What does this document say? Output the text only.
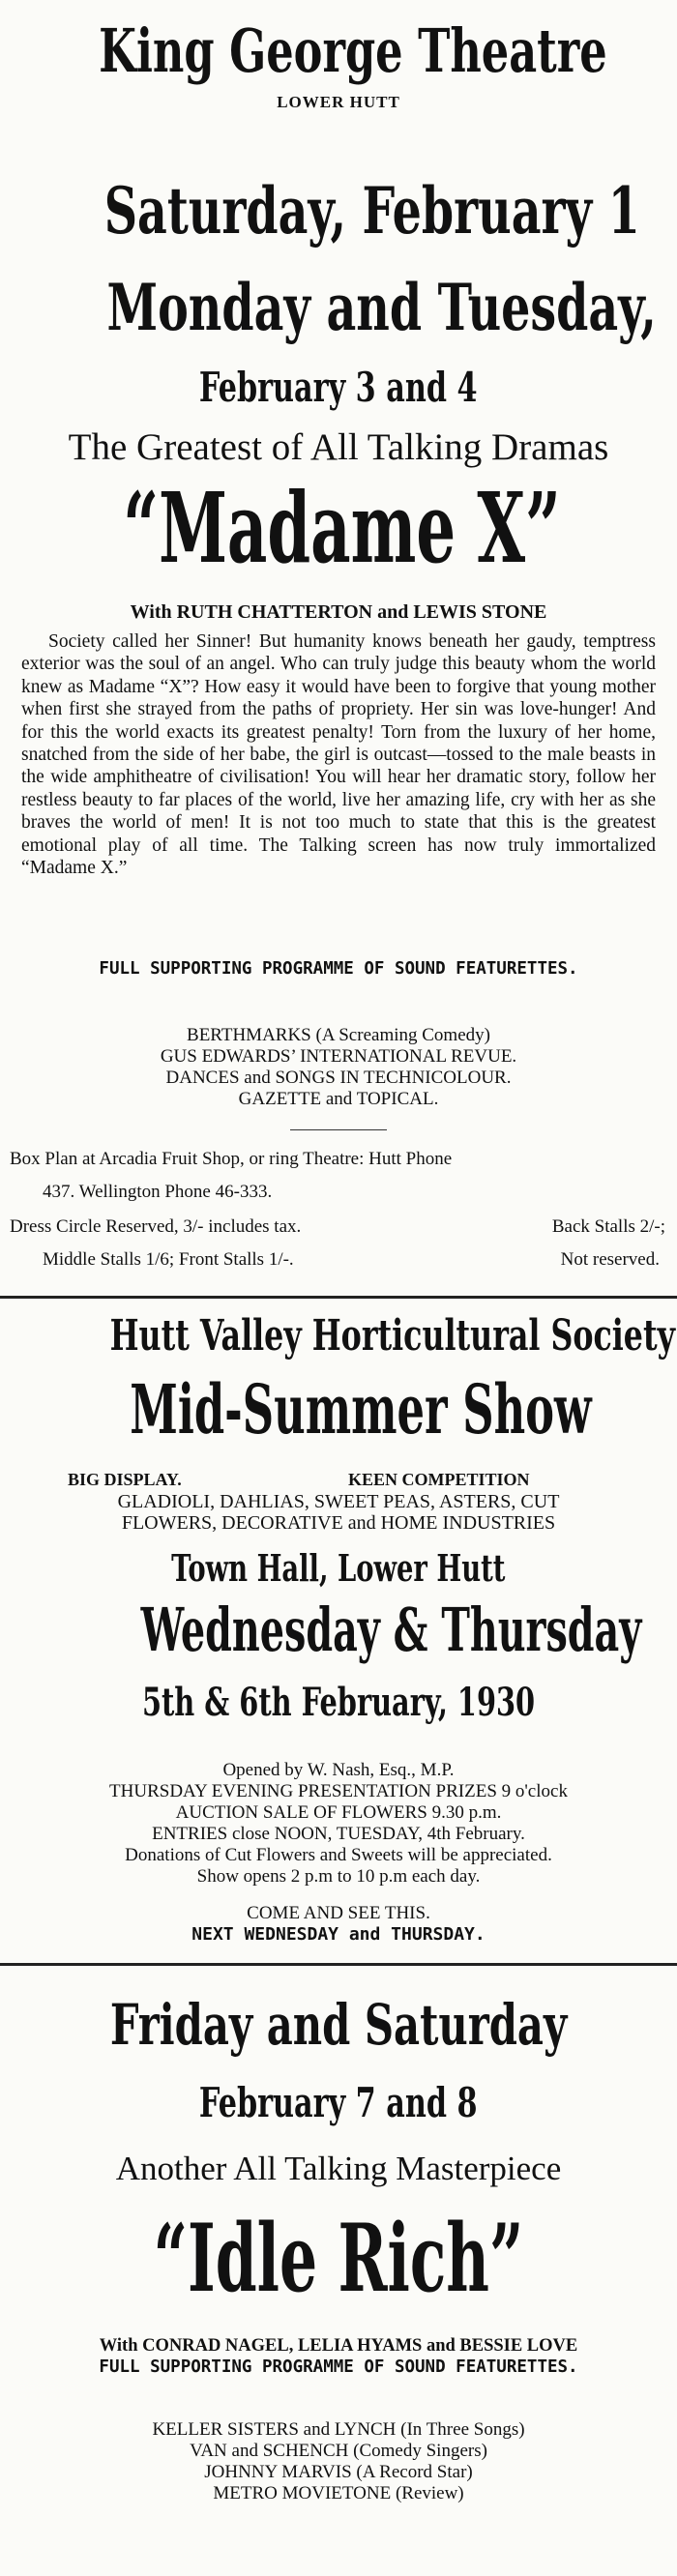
King George Theatre
LOWER HUTT
Saturday, February 1
Monday and Tuesday,
February 3 and 4
The Greatest of All Talking Dramas
“Madame X”
With RUTH CHATTERTON and LEWIS STONE
Society called her Sinner! But humanity knows beneath her gaudy, temptress exterior was the soul of an angel. Who can truly judge this beauty whom the world knew as Madame “X”? How easy it would have been to forgive that young mother when first she strayed from the paths of propriety. Her sin was love-hunger! And for this the world exacts its greatest penalty! Torn from the luxury of her home, snatched from the side of her babe, the girl is outcast—tossed to the male beasts in the wide amphitheatre of civilisation! You will hear her dramatic story, follow her restless beauty to far places of the world, live her amazing life, cry with her as she braves the world of men! It is not too much to state that this is the greatest emotional play of all time. The Talking screen has now truly immortalized “Madame X.”
FULL SUPPORTING PROGRAMME OF SOUND FEATURETTES.
BERTHMARKS (A Screaming Comedy)
GUS EDWARDS’ INTERNATIONAL REVUE.
DANCES and SONGS IN TECHNICOLOUR.
GAZETTE and TOPICAL.
Box Plan at Arcadia Fruit Shop, or ring Theatre: Hutt Phone
437. Wellington Phone 46-333.
Dress Circle Reserved, 3/- includes tax.	Back Stalls 2/-;
Middle Stalls 1/6; Front Stalls 1/-.	Not reserved.
Hutt Valley Horticultural Society
Mid-Summer Show
BIG DISPLAY.	KEEN COMPETITION
GLADIOLI, DAHLIAS, SWEET PEAS, ASTERS, CUT
FLOWERS, DECORATIVE and HOME INDUSTRIES
Town Hall, Lower Hutt
Wednesday & Thursday
5th & 6th February, 1930
Opened by W. Nash, Esq., M.P.
THURSDAY EVENING PRESENTATION PRIZES 9 o'clock
AUCTION SALE OF FLOWERS 9.30 p.m.
ENTRIES close NOON, TUESDAY, 4th February.
Donations of Cut Flowers and Sweets will be appreciated.
Show opens 2 p.m to 10 p.m each day.
COME AND SEE THIS.
NEXT WEDNESDAY and THURSDAY.
Friday and Saturday
February 7 and 8
Another All Talking Masterpiece
“Idle Rich”
With CONRAD NAGEL, LELIA HYAMS and BESSIE LOVE
FULL SUPPORTING PROGRAMME OF SOUND FEATURETTES.
KELLER SISTERS and LYNCH (In Three Songs)
VAN and SCHENCH (Comedy Singers)
JOHNNY MARVIS (A Record Star)
METRO MOVIETONE (Review)
